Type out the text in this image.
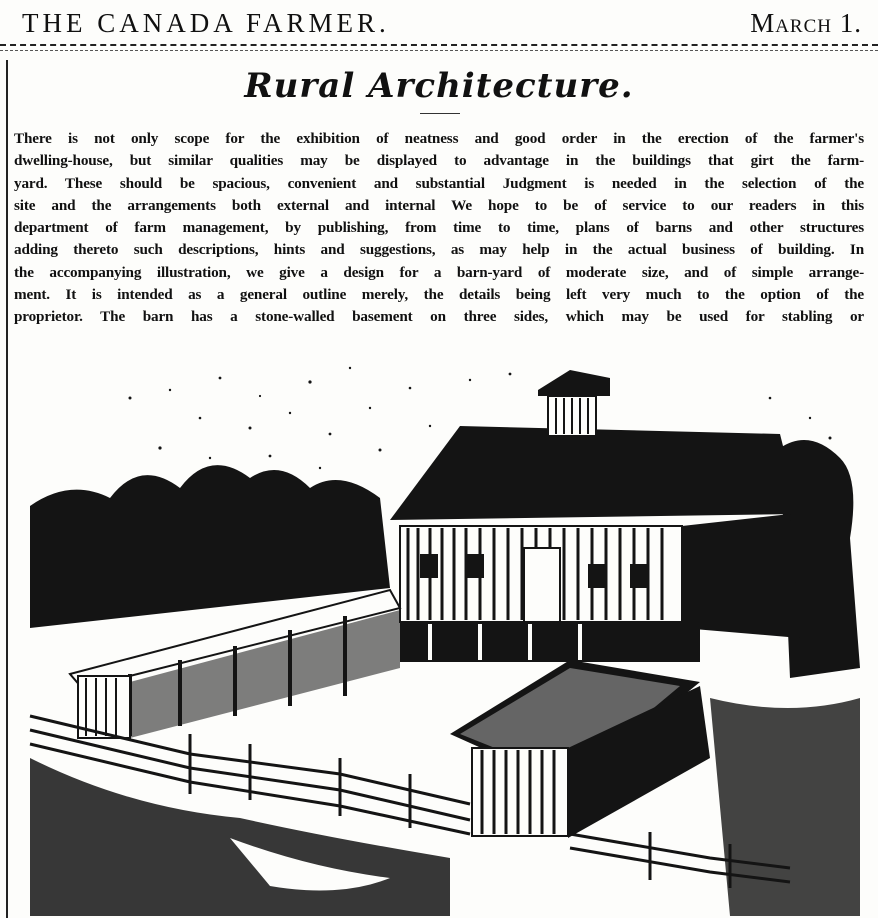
THE CANADA FARMER.	March 1.
Rural Architecture.
There is not only scope for the exhibition of neatness and good order in the erection of the farmer's
dwelling-house, but similar qualities may be displayed to advantage in the buildings that girt the farm-
yard. These should be spacious, convenient and substantial Judgment is needed in the selection of the
site and the arrangements both external and internal We hope to be of service to our readers in this
department of farm management, by publishing, from time to time, plans of barns and other structures
adding thereto such descriptions, hints and suggestions, as may help in the actual business of building. In
the accompanying illustration, we give a design for a barn-yard of moderate size, and of simple arrange-
ment. It is intended as a general outline merely, the details being left very much to the option of the
proprietor. The barn has a stone-walled basement on three sides, which may be used for stabling or
